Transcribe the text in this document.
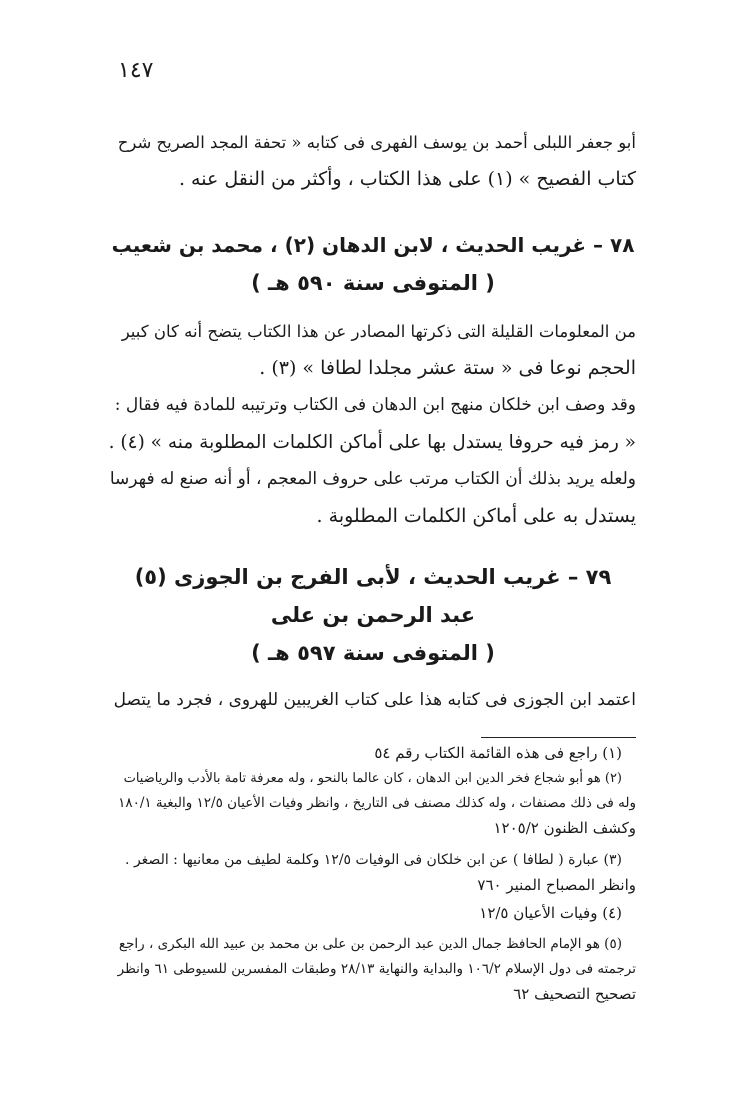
١٤٧
أبو جعفر اللبلى أحمد بن يوسف الفهرى فى كتابه « تحفة المجد الصريح شرح
كتاب الفصيح » (١) على هذا الكتاب ، وأكثر من النقل عنه .
٧٨ – غريب الحديث ، لابن الدهان (٢) ، محمد بن شعيب
( المتوفى سنة ٥٩٠ هـ )
من المعلومات القليلة التى ذكرتها المصادر عن هذا الكتاب يتضح أنه كان كبير
الحجم نوعا فى « ستة عشر مجلدا لطافا » (٣) .
وقد وصف ابن خلكان منهج ابن الدهان فى الكتاب وترتيبه للمادة فيه فقال :
« رمز فيه حروفا يستدل بها على أماكن الكلمات المطلوبة منه » (٤) .
ولعله يريد بذلك أن الكتاب مرتب على حروف المعجم ، أو أنه صنع له فهرسا
يستدل به على أماكن الكلمات المطلوبة .
٧٩ – غريب الحديث ، لأبى الفرج بن الجوزى (٥)
عبد الرحمن بن على
( المتوفى سنة ٥٩٧ هـ )
اعتمد ابن الجوزى فى كتابه هذا على كتاب الغريبين للهروى ، فجرد ما يتصل
(١) راجع فى هذه القائمة الكتاب رقم ٥٤
(٢) هو أبو شجاع فخر الدين ابن الدهان ، كان عالما بالنحو ، وله معرفة تامة بالأدب والرياضيات
وله فى ذلك مصنفات ، وله كذلك مصنف فى التاريخ ، وانظر وفيات الأعيان ١٢/٥ والبغية ١٨٠/١
وكشف الظنون ١٢٠٥/٢
(٣) عبارة ( لطافا ) عن ابن خلكان فى الوفيات ١٢/٥ وكلمة لطيف من معانيها : الصغر .
وانظر المصباح المنير ٧٦٠
(٤) وفيات الأعيان ١٢/٥
(٥) هو الإمام الحافظ جمال الدين عبد الرحمن بن على بن محمد بن عبيد الله البكرى ، راجع
ترجمته فى دول الإسلام ١٠٦/٢ والبداية والنهاية ٢٨/١٣ وطبقات المفسرين للسيوطى ٦١ وانظر
تصحيح التصحيف ٦٢
